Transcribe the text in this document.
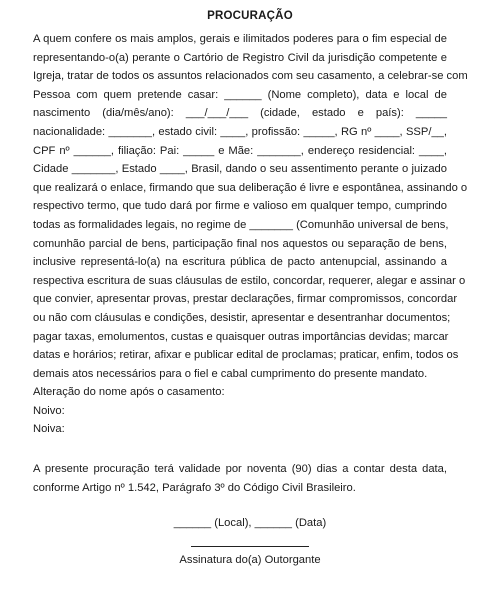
PROCURAÇÃO
A quem confere os mais amplos, gerais e ilimitados poderes para o fim especial de
representando-o(a) perante o Cartório de Registro Civil da jurisdição competente e
Igreja, tratar de todos os assuntos relacionados com seu casamento, a celebrar-se com
Pessoa com quem pretende casar: ______ (Nome completo), data e local de
nascimento (dia/mês/ano): ___/___/___ (cidade, estado e país): _____
nacionalidade: _______, estado civil: ____, profissão: _____, RG nº ____, SSP/__,
CPF nº ______, filiação: Pai: _____ e Mãe: _______, endereço residencial: ____,
Cidade _______, Estado ____, Brasil, dando o seu assentimento perante o juizado
que realizará o enlace, firmando que sua deliberação é livre e espontânea, assinando o
respectivo termo, que tudo dará por firme e valioso em qualquer tempo, cumprindo
todas as formalidades legais, no regime de _______ (Comunhão universal de bens,
comunhão parcial de bens, participação final nos aquestos ou separação de bens,
inclusive representá-lo(a) na escritura pública de pacto antenupcial, assinando a
respectiva escritura de suas cláusulas de estilo, concordar, requerer, alegar e assinar o
que convier, apresentar provas, prestar declarações, firmar compromissos, concordar
ou não com cláusulas e condições, desistir, apresentar e desentranhar documentos;
pagar taxas, emolumentos, custas e quaisquer outras importâncias devidas; marcar
datas e horários; retirar, afixar e publicar edital de proclamas; praticar, enfim, todos os
demais atos necessários para o fiel e cabal cumprimento do presente mandato.
Alteração do nome após o casamento:
Noivo:
Noiva:
A presente procuração terá validade por noventa (90) dias a contar desta data,
conforme Artigo nº 1.542, Parágrafo 3º do Código Civil Brasileiro.
______ (Local), ______ (Data)
Assinatura do(a) Outorgante
